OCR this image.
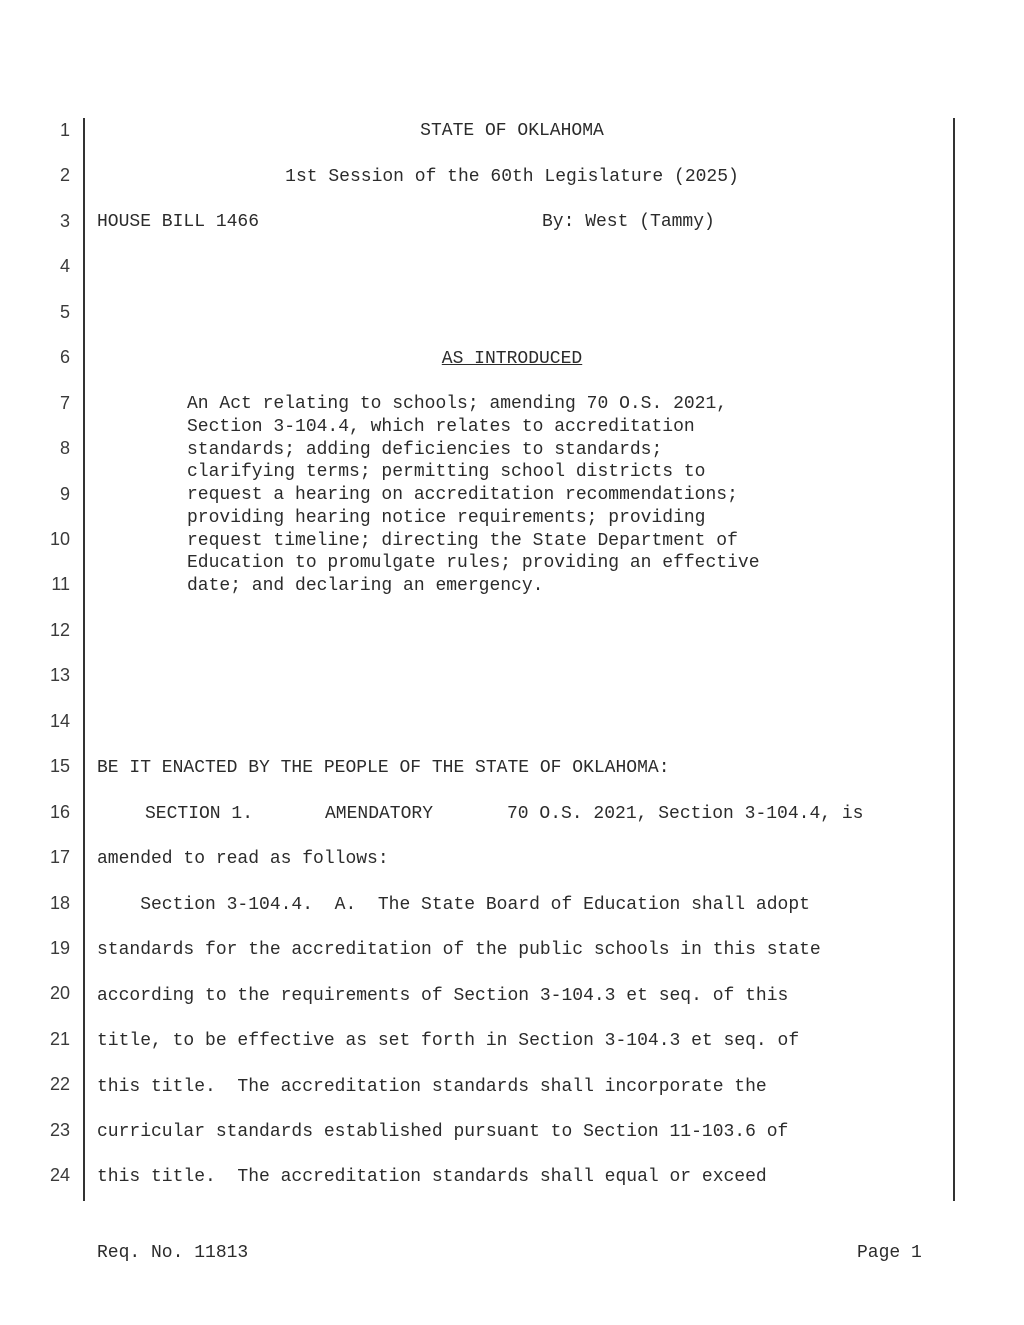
1
2
3
4
5
6
7
8
9
10
11
12
13
14
15
16
17
18
19
20
21
22
23
24
STATE OF OKLAHOMA
1st Session of the 60th Legislature (2025)
HOUSE BILL 1466	By: West (Tammy)
AS INTRODUCED
An Act relating to schools; amending 70 O.S. 2021,
Section 3-104.4, which relates to accreditation
standards; adding deficiencies to standards;
clarifying terms; permitting school districts to
request a hearing on accreditation recommendations;
providing hearing notice requirements; providing
request timeline; directing the State Department of
Education to promulgate rules; providing an effective
date; and declaring an emergency.
BE IT ENACTED BY THE PEOPLE OF THE STATE OF OKLAHOMA:
SECTION 1.	AMENDATORY	70 O.S. 2021, Section 3-104.4, is
amended to read as follows:
Section 3-104.4.  A.  The State Board of Education shall adopt
standards for the accreditation of the public schools in this state
according to the requirements of Section 3-104.3 et seq. of this
title, to be effective as set forth in Section 3-104.3 et seq. of
this title.  The accreditation standards shall incorporate the
curricular standards established pursuant to Section 11-103.6 of
this title.  The accreditation standards shall equal or exceed
Req. No. 11813	Page 1
